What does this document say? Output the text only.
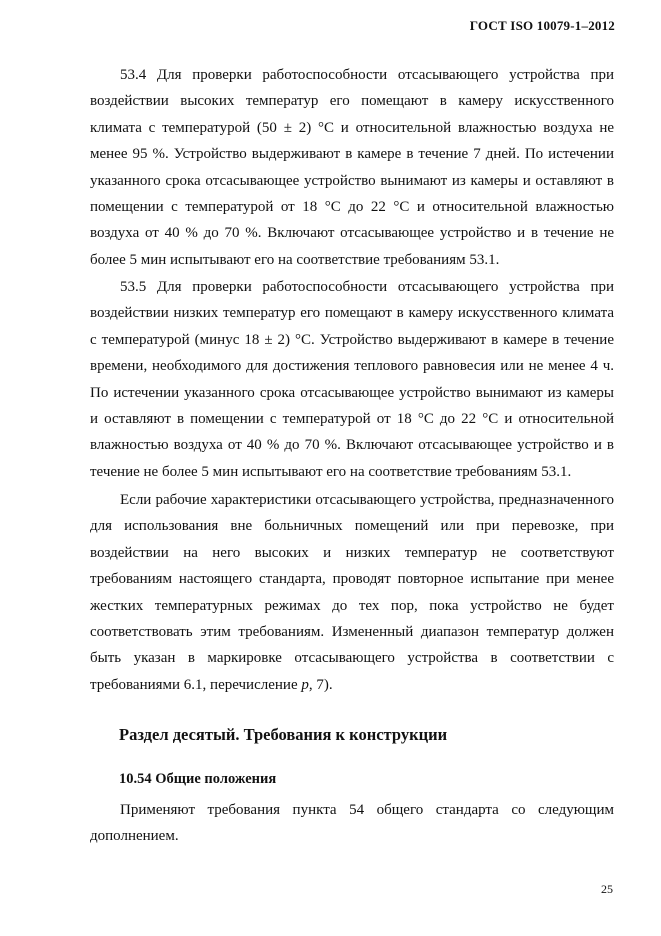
ГОСТ ISO 10079-1–2012

53.4 Для проверки работоспособности отсасывающего устройства при воздействии высоких температур его помещают в камеру искусственного климата с температурой (50 ± 2) °С и относительной влажностью воздуха не менее 95 %. Устройство выдерживают в камере в течение 7 дней. По истечении указанного срока отсасывающее устройство вынимают из камеры и оставляют в помещении с температурой от 18 °С до 22 °С и относительной влажностью воздуха от 40 % до 70 %. Включают отсасывающее устройство и в течение не более 5 мин испытывают его на соответствие требованиям 53.1.

53.5 Для проверки работоспособности отсасывающего устройства при воздействии низких температур его помещают в камеру искусственного климата с температурой (минус 18 ± 2) °С. Устройство выдерживают в камере в течение времени, необходимого для достижения теплового равновесия или не менее 4 ч. По истечении указанного срока отсасывающее устройство вынимают из камеры и оставляют в помещении с температурой от 18 °С до 22 °С и относительной влажностью воздуха от 40 % до 70 %. Включают отсасывающее устройство и в течение не более 5 мин испытывают его на соответствие требованиям 53.1.

Если рабочие характеристики отсасывающего устройства, предназначенного для использования вне больничных помещений или при перевозке, при воздействии на него высоких и низких температур не соответствуют требованиям настоящего стандарта, проводят повторное испытание при менее жестких температурных режимах до тех пор, пока устройство не будет соответствовать этим требованиям. Измененный диапазон температур должен быть указан в маркировке отсасывающего устройства в соответствии с требованиями 6.1, перечисление p, 7).

Раздел десятый. Требования к конструкции
10.54 Общие положения

Применяют требования пункта 54 общего стандарта со следующим дополнением.

25
